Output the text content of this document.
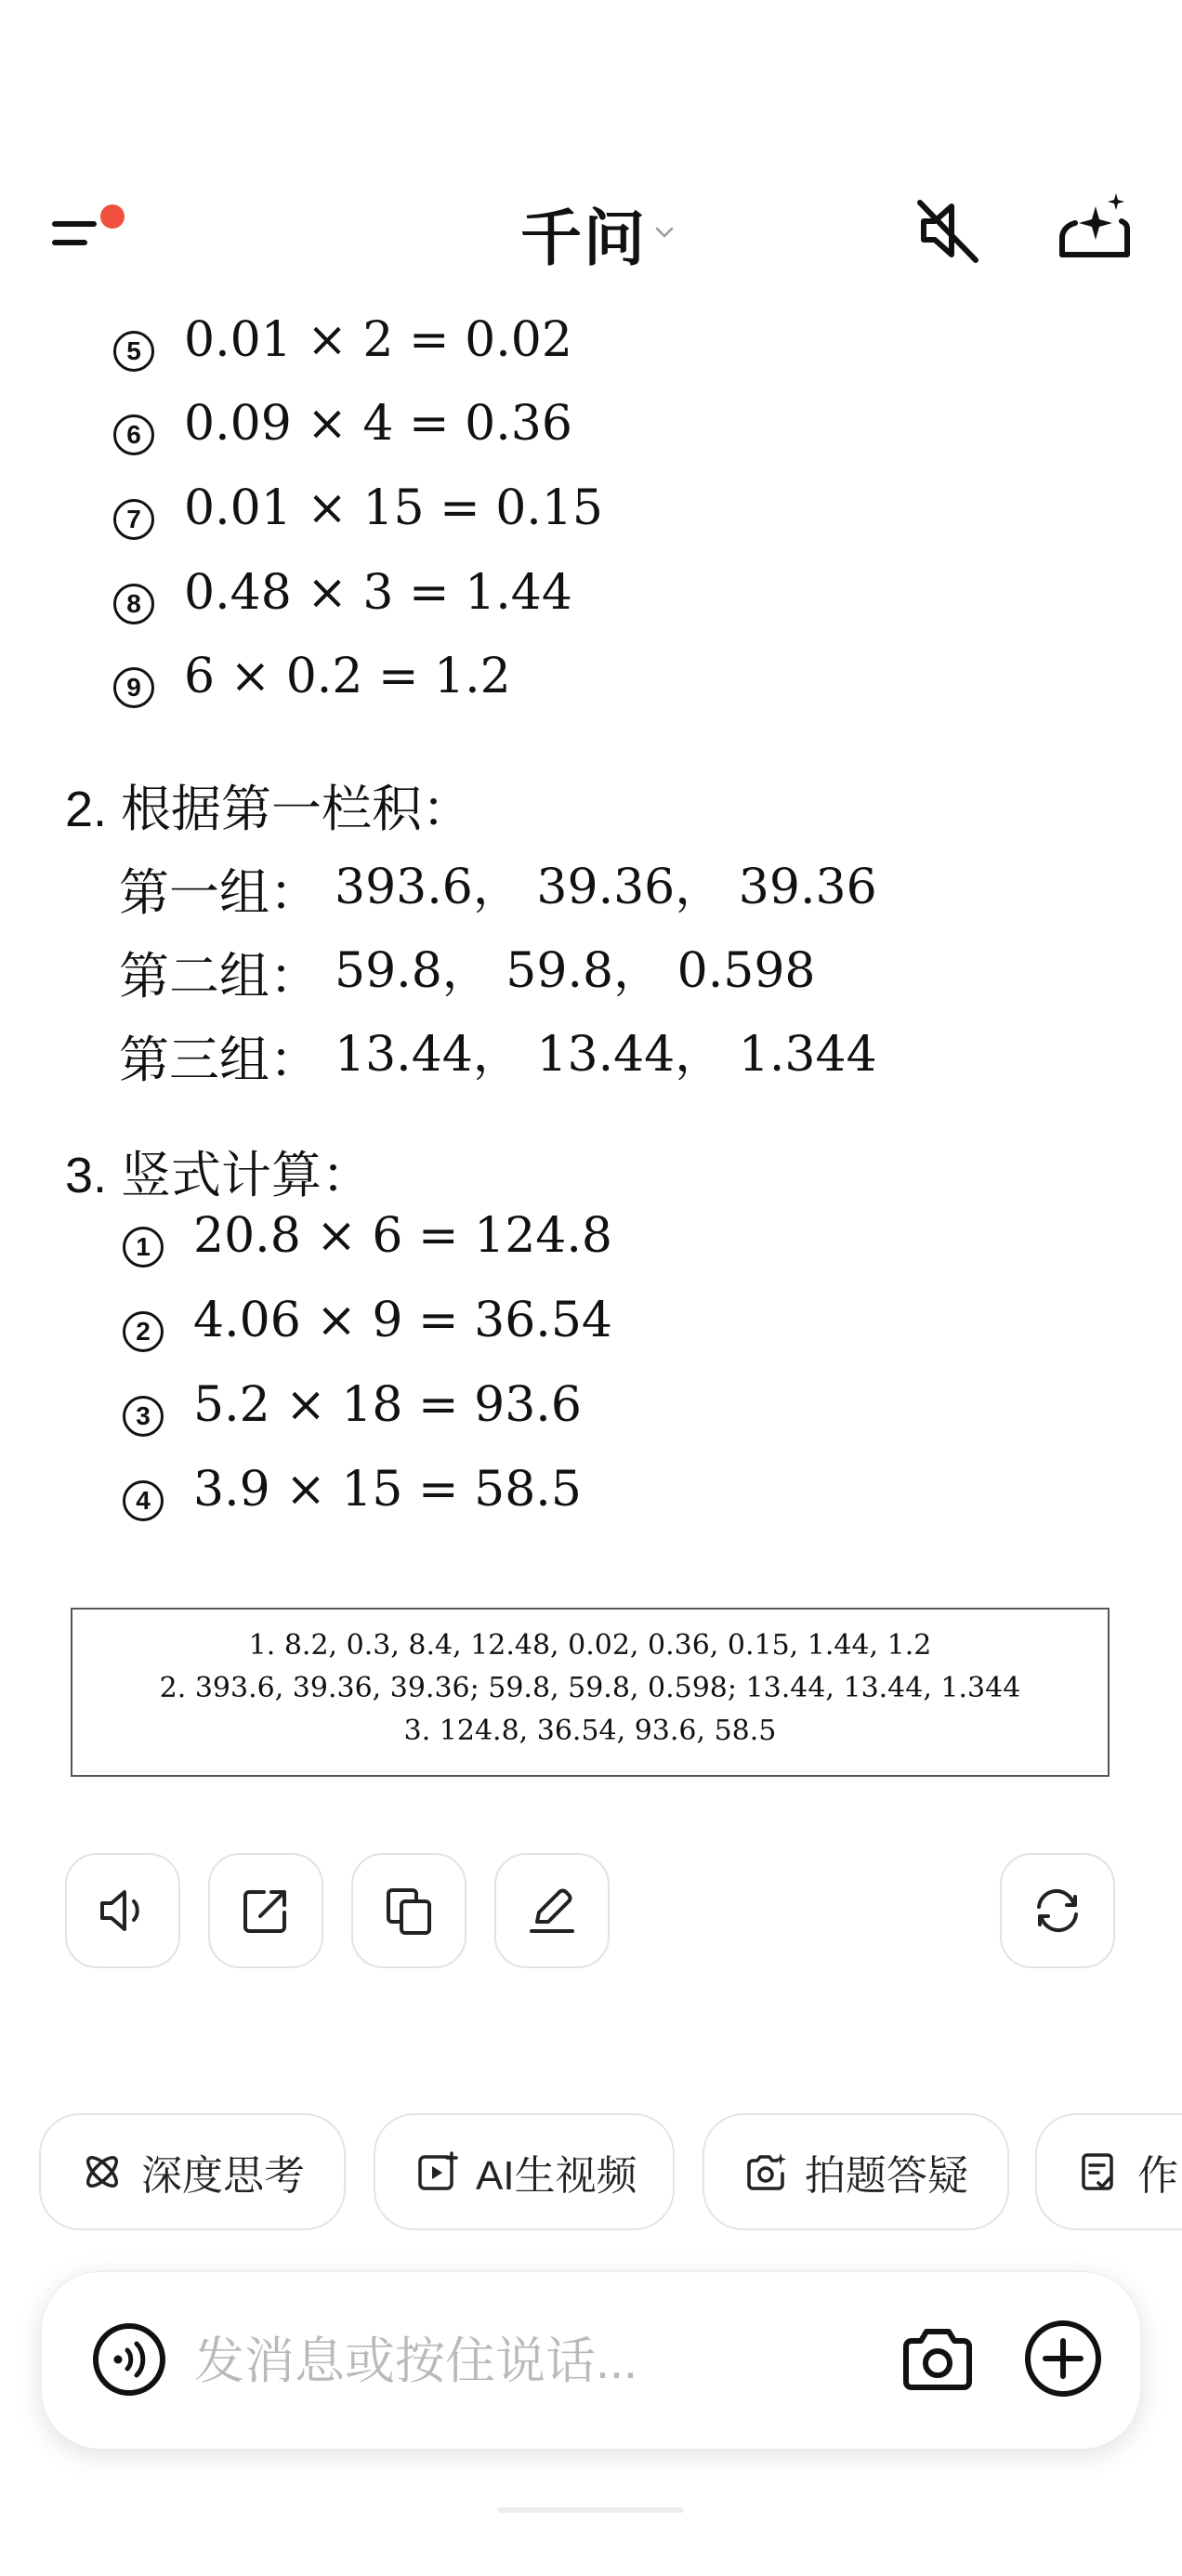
千问
5 0.01 × 2 = 0.02
6 0.09 × 4 = 0.36
7 0.01 × 15 = 0.15
8 0.48 × 3 = 1.44
9 6 × 0.2 = 1.2
2. 根据第一栏积：
第一组： 393.6， 39.36， 39.36
第二组： 59.8， 59.8， 0.598
第三组： 13.44， 13.44， 1.344
3. 竖式计算：
1 20.8 × 6 = 124.8
2 4.06 × 9 = 36.54
3 5.2 × 18 = 93.6
4 3.9 × 15 = 58.5
1. 8.2, 0.3, 8.4, 12.48, 0.02, 0.36, 0.15, 1.44, 1.2
2. 393.6, 39.36, 39.36; 59.8, 59.8, 0.598; 13.44, 13.44, 1.344
3. 124.8, 36.54, 93.6, 58.5
深度思考	AI生视频	拍题答疑	作
发消息或按住说话...
